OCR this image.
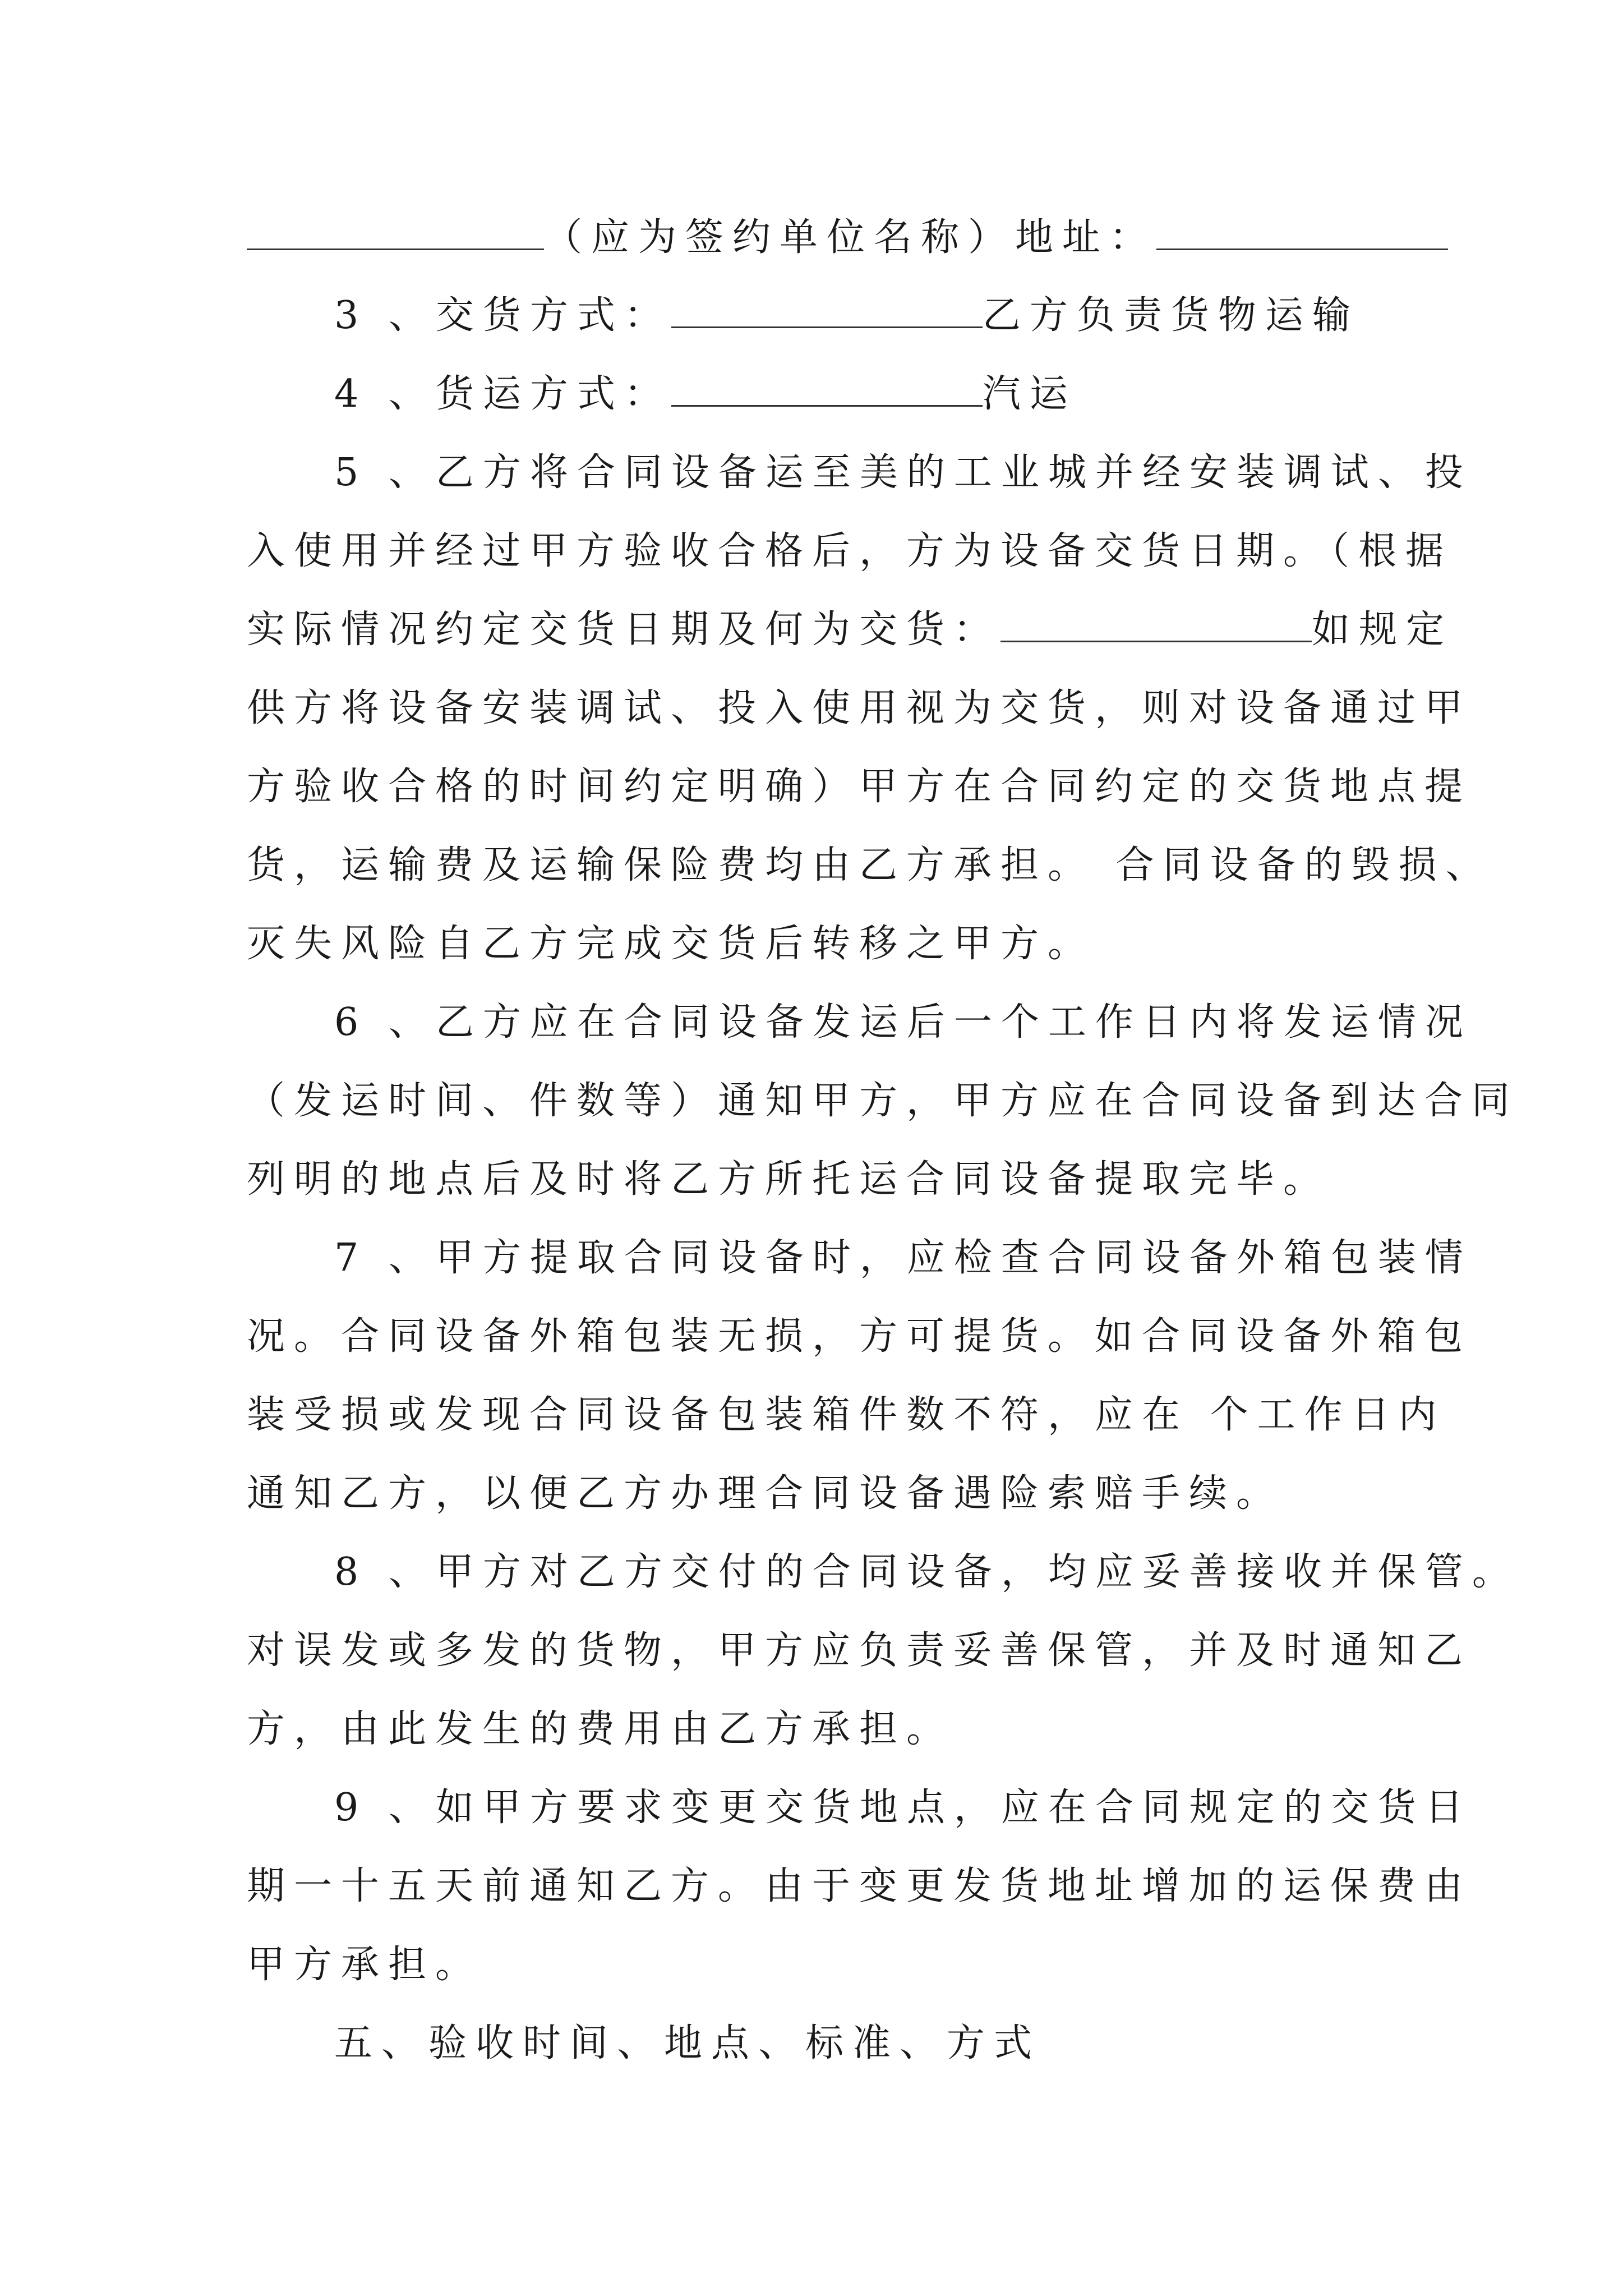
（应为签约单位名称）地址：
3 、交货方式：	乙方负责货物运输
4 、货运方式：	汽运
5 、乙方将合同设备运至美的工业城并经安装调试、投
入使用并经过甲方验收合格后，方为设备交货日期。（根据
实际情况约定交货日期及何为交货：	如规定
供方将设备安装调试、投入使用视为交货，则对设备通过甲
方验收合格的时间约定明确）甲方在合同约定的交货地点提
货，运输费及运输保险费均由乙方承担。 合同设备的毁损、
灭失风险自乙方完成交货后转移之甲方。
6 、乙方应在合同设备发运后一个工作日内将发运情况
（发运时间、件数等）通知甲方，甲方应在合同设备到达合同
列明的地点后及时将乙方所托运合同设备提取完毕。
7 、甲方提取合同设备时，应检查合同设备外箱包装情
况。合同设备外箱包装无损，方可提货。如合同设备外箱包
装受损或发现合同设备包装箱件数不符，应在 个工作日内
通知乙方，以便乙方办理合同设备遇险索赔手续。
8 、甲方对乙方交付的合同设备，均应妥善接收并保管。
对误发或多发的货物，甲方应负责妥善保管，并及时通知乙
方，由此发生的费用由乙方承担。
9 、如甲方要求变更交货地点，应在合同规定的交货日
期一十五天前通知乙方。由于变更发货地址增加的运保费由
甲方承担。
五、验收时间、地点、标准、方式
